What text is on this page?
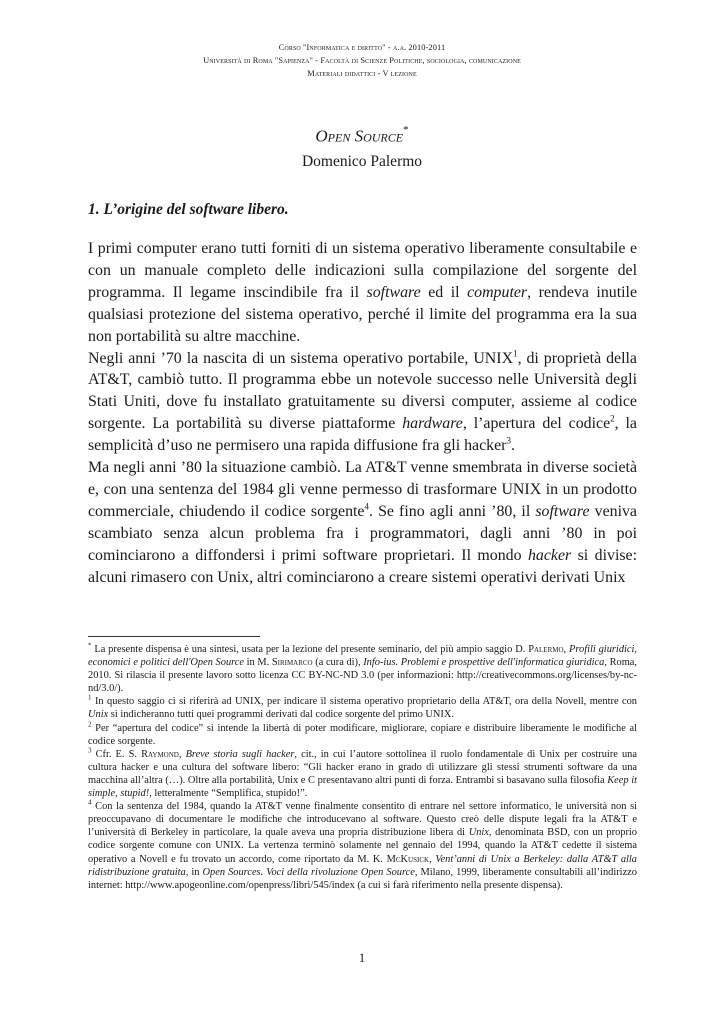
Corso "Informatica e diritto" - a.a. 2010-2011
Università di Roma "Sapienza" - Facoltà di Scienze Politiche, sociologia, comunicazione
Materiali didattici - V lezione
Open Source*
Domenico Palermo
1. L’origine del software libero.

I primi computer erano tutti forniti di un sistema operativo liberamente consultabile e con un manuale completo delle indicazioni sulla compilazione del sorgente del programma. Il legame inscindibile fra il software ed il computer, rendeva inutile qualsiasi protezione del sistema operativo, perché il limite del programma era la sua non portabilità su altre macchine.

Negli anni ’70 la nascita di un sistema operativo portabile, UNIX$^1$, di proprietà della AT&T, cambiò tutto. Il programma ebbe un notevole successo nelle Università degli Stati Uniti, dove fu installato gratuitamente su diversi computer, assieme al codice sorgente. La portabilità su diverse piattaforme hardware, l’apertura del codice$^2$, la semplicità d’uso ne permisero una rapida diffusione fra gli hacker$^3$.

Ma negli anni ’80 la situazione cambiò. La AT&T venne smembrata in diverse società e, con una sentenza del 1984 gli venne permesso di trasformare UNIX in un prodotto commerciale, chiudendo il codice sorgente$^4$. Se fino agli anni ’80, il software veniva scambiato senza alcun problema fra i programmatori, dagli anni ’80 in poi cominciarono a diffondersi i primi software proprietari. Il mondo hacker si divise: alcuni rimasero con Unix, altri cominciarono a creare sistemi operativi derivati Unix

* La presente dispensa è una sintesi, usata per la lezione del presente seminario, del più ampio saggio D. Palermo, Profili giuridici, economici e politici dell'Open Source in M. Sirimarco (a cura di), Info-ius. Problemi e prospettive dell'informatica giuridica, Roma, 2010. Si rilascia il presente lavoro sotto licenza CC BY-NC-ND 3.0 (per informazioni: http://creativecommons.org/licenses/by-nc-nd/3.0/).

$^1$ In questo saggio ci si riferirà ad UNIX, per indicare il sistema operativo proprietario della AT&T, ora della Novell, mentre con Unix si indicheranno tutti quei programmi derivati dal codice sorgente del primo UNIX.

$^2$ Per “apertura del codice” si intende la libertà di poter modificare, migliorare, copiare e distribuire liberamente le modifiche al codice sorgente.

$^3$ Cfr. E. S. Raymond, Breve storia sugli hacker, cit., in cui l’autore sottolinea il ruolo fondamentale di Unix per costruire una cultura hacker e una cultura del software libero: “Gli hacker erano in grado di utilizzare gli stessi strumenti software da una macchina all’altra (…). Oltre alla portabilità, Unix e C presentavano altri punti di forza. Entrambi si basavano sulla filosofia Keep it simple, stupid!, letteralmente “Semplifica, stupido!”.

$^4$ Con la sentenza del 1984, quando la AT&T venne finalmente consentito di entrare nel settore informatico, le università non si preoccupavano di documentare le modifiche che introducevano al software. Questo creò delle dispute legali fra la AT&T e l’università di Berkeley in particolare, la quale aveva una propria distribuzione libera di Unix, denominata BSD, con un proprio codice sorgente comune con UNIX. La vertenza terminò solamente nel gennaio del 1994, quando la AT&T cedette il sistema operativo a Novell e fu trovato un accordo, come riportato da M. K. McKusick, Vent’anni di Unix a Berkeley: dalla AT&T alla ridistribuzione gratuita, in Open Sources. Voci della rivoluzione Open Source, Milano, 1999, liberamente consultabili all’indirizzo internet: http://www.apogeonline.com/openpress/libri/545/index (a cui si farà riferimento nella presente dispensa).

1
